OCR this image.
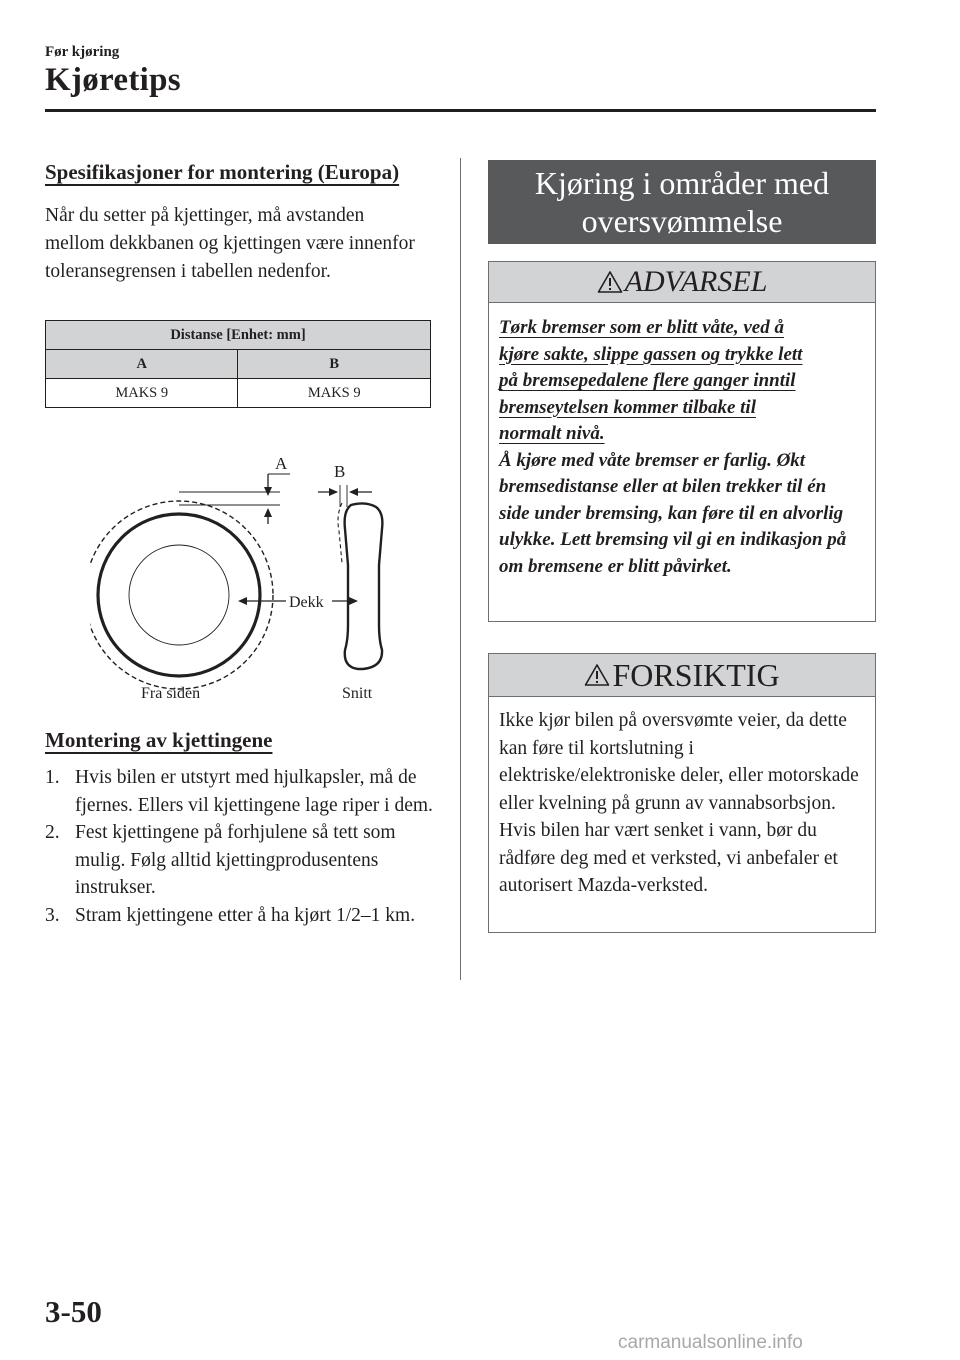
Før kjøring
Kjøretips
Spesifikasjoner for montering (Europa)
Når du setter på kjettinger, må avstanden mellom dekkbanen og kjettingen være innenfor toleransegrensen i tabellen nedenfor.
Distanse [Enhet: mm]	
A	B
MAKS 9	MAKS 9
A	B
Dekk
Fra siden	Snitt
Montering av kjettingene
1. Hvis bilen er utstyrt med hjulkapsler, må de fjernes. Ellers vil kjettingene lage riper i dem.
2. Fest kjettingene på forhjulene så tett som mulig. Følg alltid kjettingprodusentens instrukser.
3. Stram kjettingene etter å ha kjørt 1/2–1 km.
Kjøring i områder med
oversvømmelse
ADVARSEL
Tørk bremser som er blitt våte, ved å
kjøre sakte, slippe gassen og trykke lett
på bremsepedalene flere ganger inntil
bremseytelsen kommer tilbake til
normalt nivå.
Å kjøre med våte bremser er farlig. Økt bremsedistanse eller at bilen trekker til én side under bremsing, kan føre til en alvorlig ulykke. Lett bremsing vil gi en indikasjon på om bremsene er blitt påvirket.
FORSIKTIG
Ikke kjør bilen på oversvømte veier, da dette kan føre til kortslutning i elektriske/elektroniske deler, eller motorskade eller kvelning på grunn av vannabsorbsjon. Hvis bilen har vært senket i vann, bør du rådføre deg med et verksted, vi anbefaler et autorisert Mazda-verksted.
3-50
carmanualsonline.info
